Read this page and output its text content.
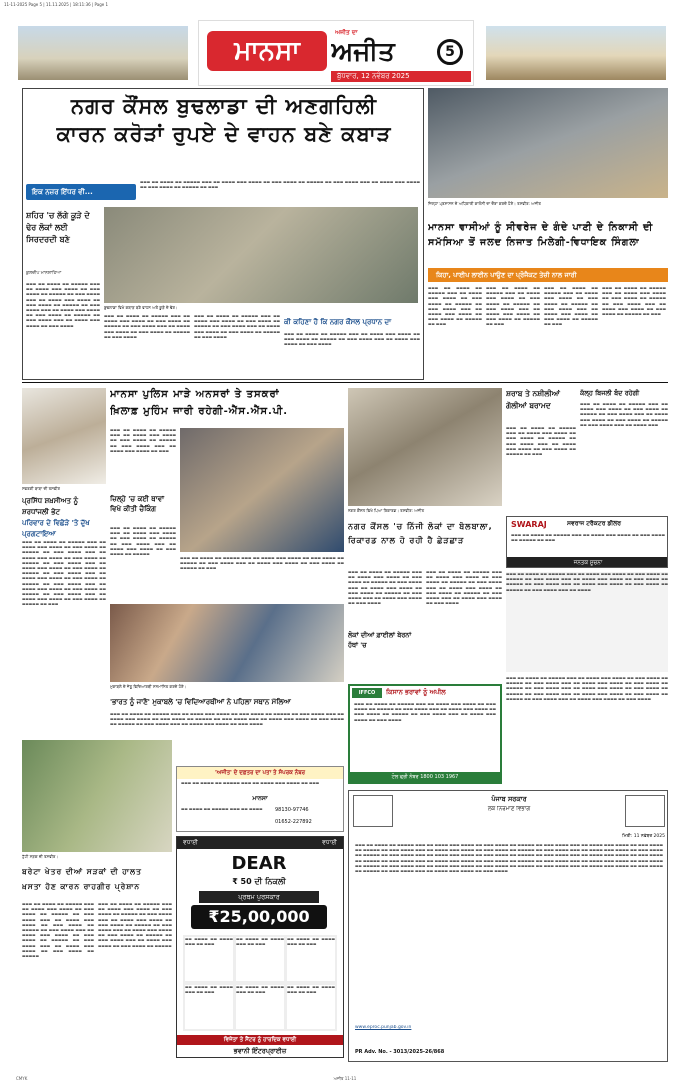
11-11-2025 Page 5 | 11.11.2025 | 18:11:36 | Page 1
ਮਾਨਸਾ
ਅਜੀਤ ਦਾ
ਅਜੀਤ
ਬੁੱਧਵਾਰ, 12 ਨਵੰਬਰ 2025
5
ਨਗਰ ਕੌਂਸਲ ਬੁਢਲਾਡਾ ਦੀ ਅਣਗਹਿਲੀ
ਕਾਰਨ ਕਰੋੜਾਂ ਰੁਪਏ ਦੇ ਵਾਹਨ ਬਣੇ ਕਬਾੜ
ਇਕ ਨਜ਼ਰ ਇੱਧਰ ਵੀ...
▬▬▬ ▬▬ ▬▬▬▬ ▬▬ ▬▬▬▬▬ ▬▬▬ ▬▬ ▬▬▬▬ ▬▬▬ ▬▬▬▬ ▬▬ ▬▬▬ ▬▬▬▬ ▬▬ ▬▬▬▬▬ ▬▬ ▬▬▬ ▬▬▬▬ ▬▬▬ ▬▬ ▬▬▬▬ ▬▬▬ ▬▬▬▬ ▬▬ ▬▬▬ ▬▬▬▬ ▬▬ ▬▬▬▬▬ ▬▬ ▬▬▬
ਸ਼ਹਿਰ 'ਚ ਲੱਗੇ ਕੂੜੇ ਦੇ ਢੇਰ ਲੋਕਾਂ ਲਈ ਸਿਰਦਰਦੀ ਬਣੇ
ਕੁਲਦੀਪ ਮਾਨਸ਼ਾਹਿਆ
▬▬▬ ▬▬ ▬▬▬▬ ▬▬ ▬▬▬▬▬ ▬▬▬ ▬▬ ▬▬▬▬ ▬▬▬ ▬▬▬▬ ▬▬ ▬▬▬ ▬▬▬▬ ▬▬ ▬▬▬▬▬ ▬▬ ▬▬▬ ▬▬▬▬ ▬▬▬ ▬▬ ▬▬▬▬ ▬▬▬ ▬▬▬▬ ▬▬ ▬▬▬ ▬▬▬▬ ▬▬ ▬▬▬▬▬ ▬▬ ▬▬▬ ▬▬▬▬ ▬▬▬ ▬▬ ▬▬▬▬ ▬▬▬ ▬▬▬▬ ▬▬ ▬▬▬ ▬▬▬▬ ▬▬ ▬▬▬▬▬ ▬▬ ▬▬▬ ▬▬▬▬ ▬▬▬ ▬▬ ▬▬▬▬ ▬▬▬ ▬▬▬▬ ▬▬ ▬▬▬ ▬▬▬▬
ਬੁਢਲਾਡਾ ਵਿਖੇ ਕਬਾੜ ਬਣੇ ਵਾਹਨ ਅਤੇ ਕੂੜੇ ਦੇ ਢੇਰ।
▬▬▬ ▬▬ ▬▬▬▬ ▬▬ ▬▬▬▬▬ ▬▬▬ ▬▬ ▬▬▬▬ ▬▬▬ ▬▬▬▬ ▬▬ ▬▬▬ ▬▬▬▬ ▬▬ ▬▬▬▬▬ ▬▬ ▬▬▬ ▬▬▬▬ ▬▬▬ ▬▬ ▬▬▬▬ ▬▬▬ ▬▬▬▬ ▬▬ ▬▬▬ ▬▬▬▬ ▬▬ ▬▬▬▬▬ ▬▬ ▬▬▬ ▬▬▬▬
▬▬▬ ▬▬ ▬▬▬▬ ▬▬ ▬▬▬▬▬ ▬▬▬ ▬▬ ▬▬▬▬ ▬▬▬ ▬▬▬▬ ▬▬ ▬▬▬ ▬▬▬▬ ▬▬ ▬▬▬▬▬ ▬▬ ▬▬▬ ▬▬▬▬ ▬▬▬ ▬▬ ▬▬▬▬ ▬▬▬ ▬▬▬▬ ▬▬ ▬▬▬ ▬▬▬▬ ▬▬ ▬▬▬▬▬ ▬▬ ▬▬▬ ▬▬▬▬
ਕੀ ਕਹਿਣਾ ਹੈ ਕਿ ਨਗਰ ਕੌਂਸਲ ਪ੍ਰਧਾਨ ਦਾ
▬▬▬ ▬▬ ▬▬▬▬ ▬▬ ▬▬▬▬▬ ▬▬▬ ▬▬ ▬▬▬▬ ▬▬▬ ▬▬▬▬ ▬▬ ▬▬▬ ▬▬▬▬ ▬▬ ▬▬▬▬▬ ▬▬ ▬▬▬ ▬▬▬▬ ▬▬▬ ▬▬ ▬▬▬▬ ▬▬▬ ▬▬▬▬ ▬▬ ▬▬▬ ▬▬▬▬
ਜ਼ਿਲ੍ਹਾ ਪ੍ਰਸ਼ਾਸਨ ਦੇ ਅਧਿਕਾਰੀ ਕਾਲੋਨੀ ਦਾ ਦੌਰਾ ਕਰਦੇ ਹੋਏ। ਤਸਵੀਰ: ਅਜੀਤ
ਮਾਨਸਾ ਵਾਸੀਆਂ ਨੂੰ ਸੀਵਰੇਜ ਦੇ ਗੰਦੇ ਪਾਣੀ ਦੇ ਨਿਕਾਸੀ ਦੀ
ਸਮੱਸਿਆ ਤੋਂ ਜਲਦ ਨਿਜਾਤ ਮਿਲੇਗੀ-ਵਿਧਾਇਕ ਸਿੰਗਲਾ
ਕਿਹਾ, ਪਾਈਪ ਲਾਈਨ ਪਾਉਣ ਦਾ ਪ੍ਰੋਜੈਕਟ ਤੇਜ਼ੀ ਨਾਲ ਜਾਰੀ
▬▬▬ ▬▬ ▬▬▬▬ ▬▬ ▬▬▬▬▬ ▬▬▬ ▬▬ ▬▬▬▬ ▬▬▬ ▬▬▬▬ ▬▬ ▬▬▬ ▬▬▬▬ ▬▬ ▬▬▬▬▬ ▬▬ ▬▬▬ ▬▬▬▬ ▬▬▬ ▬▬ ▬▬▬▬ ▬▬▬ ▬▬▬▬ ▬▬ ▬▬▬ ▬▬▬▬ ▬▬ ▬▬▬▬▬ ▬▬ ▬▬▬
▬▬▬ ▬▬ ▬▬▬▬ ▬▬ ▬▬▬▬▬ ▬▬▬ ▬▬ ▬▬▬▬ ▬▬▬ ▬▬▬▬ ▬▬ ▬▬▬ ▬▬▬▬ ▬▬ ▬▬▬▬▬ ▬▬ ▬▬▬ ▬▬▬▬ ▬▬▬ ▬▬ ▬▬▬▬ ▬▬▬ ▬▬▬▬ ▬▬ ▬▬▬ ▬▬▬▬ ▬▬ ▬▬▬▬▬ ▬▬ ▬▬▬
▬▬▬ ▬▬ ▬▬▬▬ ▬▬ ▬▬▬▬▬ ▬▬▬ ▬▬ ▬▬▬▬ ▬▬▬ ▬▬▬▬ ▬▬ ▬▬▬ ▬▬▬▬ ▬▬ ▬▬▬▬▬ ▬▬ ▬▬▬ ▬▬▬▬ ▬▬▬ ▬▬ ▬▬▬▬ ▬▬▬ ▬▬▬▬ ▬▬ ▬▬▬ ▬▬▬▬ ▬▬ ▬▬▬▬▬ ▬▬ ▬▬▬
▬▬▬ ▬▬ ▬▬▬▬ ▬▬ ▬▬▬▬▬ ▬▬▬ ▬▬ ▬▬▬▬ ▬▬▬ ▬▬▬▬ ▬▬ ▬▬▬ ▬▬▬▬ ▬▬ ▬▬▬▬▬ ▬▬ ▬▬▬ ▬▬▬▬ ▬▬▬ ▬▬ ▬▬▬▬ ▬▬▬ ▬▬▬▬ ▬▬ ▬▬▬ ▬▬▬▬ ▬▬ ▬▬▬▬▬ ▬▬ ▬▬▬
ਸਵਰਗੀ ਬਾਬਾ ਦੀ ਤਸਵੀਰ
ਪ੍ਰਸਿੱਧ ਸ਼ਖ਼ਸੀਅਤ ਨੂੰ ਸ਼ਰਧਾਂਜਲੀ ਭੇਟ
ਪਰਿਵਾਰ ਦੇ ਵਿਛੋੜੇ 'ਤੇ ਦੁੱਖ ਪ੍ਰਗਟਾਇਆ
▬▬▬ ▬▬ ▬▬▬▬ ▬▬ ▬▬▬▬▬ ▬▬▬ ▬▬ ▬▬▬▬ ▬▬▬ ▬▬▬▬ ▬▬ ▬▬▬ ▬▬▬▬ ▬▬ ▬▬▬▬▬ ▬▬ ▬▬▬ ▬▬▬▬ ▬▬▬ ▬▬ ▬▬▬▬ ▬▬▬ ▬▬▬▬ ▬▬ ▬▬▬ ▬▬▬▬ ▬▬ ▬▬▬▬▬ ▬▬ ▬▬▬ ▬▬▬▬ ▬▬▬ ▬▬ ▬▬▬▬ ▬▬▬ ▬▬▬▬ ▬▬ ▬▬▬ ▬▬▬▬ ▬▬ ▬▬▬▬▬ ▬▬ ▬▬▬ ▬▬▬▬ ▬▬▬ ▬▬ ▬▬▬▬ ▬▬▬ ▬▬▬▬ ▬▬ ▬▬▬ ▬▬▬▬ ▬▬ ▬▬▬▬▬ ▬▬ ▬▬▬ ▬▬▬▬ ▬▬▬ ▬▬ ▬▬▬▬ ▬▬▬ ▬▬▬▬ ▬▬ ▬▬▬ ▬▬▬▬ ▬▬ ▬▬▬▬▬ ▬▬ ▬▬▬ ▬▬▬▬ ▬▬▬ ▬▬ ▬▬▬▬ ▬▬▬ ▬▬▬▬ ▬▬ ▬▬▬ ▬▬▬▬ ▬▬ ▬▬▬▬▬ ▬▬ ▬▬▬
ਮਾਨਸਾ ਪੁਲਿਸ ਮਾੜੇ ਅਨਸਰਾਂ ਤੇ ਤਸਕਰਾਂ
ਖ਼ਿਲਾਫ਼ ਮੁਹਿੰਮ ਜਾਰੀ ਰਹੇਗੀ-ਐੱਸ.ਐੱਸ.ਪੀ.
▬▬▬ ▬▬ ▬▬▬▬ ▬▬ ▬▬▬▬▬ ▬▬▬ ▬▬ ▬▬▬▬ ▬▬▬ ▬▬▬▬ ▬▬ ▬▬▬ ▬▬▬▬ ▬▬ ▬▬▬▬▬ ▬▬ ▬▬▬ ▬▬▬▬ ▬▬▬ ▬▬ ▬▬▬▬ ▬▬▬ ▬▬▬▬ ▬▬ ▬▬▬
ਜ਼ਿਲ੍ਹੇ 'ਚ ਕਈ ਥਾਵਾਂ ਵਿਖੇ ਕੀਤੀ ਚੈਕਿੰਗ
▬▬▬ ▬▬ ▬▬▬▬ ▬▬ ▬▬▬▬▬ ▬▬▬ ▬▬ ▬▬▬▬ ▬▬▬ ▬▬▬▬ ▬▬ ▬▬▬ ▬▬▬▬ ▬▬ ▬▬▬▬▬ ▬▬ ▬▬▬ ▬▬▬▬ ▬▬▬ ▬▬ ▬▬▬▬ ▬▬▬ ▬▬▬▬ ▬▬ ▬▬▬ ▬▬▬▬ ▬▬ ▬▬▬▬▬
▬▬▬ ▬▬ ▬▬▬▬ ▬▬ ▬▬▬▬▬ ▬▬▬ ▬▬ ▬▬▬▬ ▬▬▬ ▬▬▬▬ ▬▬ ▬▬▬ ▬▬▬▬ ▬▬ ▬▬▬▬▬ ▬▬ ▬▬▬ ▬▬▬▬ ▬▬▬ ▬▬ ▬▬▬▬ ▬▬▬ ▬▬▬▬ ▬▬ ▬▬▬ ▬▬▬▬ ▬▬ ▬▬▬▬▬ ▬▬ ▬▬▬
ਨਗਰ ਕੌਂਸਲ ਵਿਖੇ ਪਿਆ ਰਿਕਾਰਡ। ਤਸਵੀਰ: ਅਜੀਤ
ਨਗਰ ਕੌਂਸਲ 'ਚ ਨਿੱਜੀ ਲੋਕਾਂ ਦਾ ਬੋਲਬਾਲਾ,
ਰਿਕਾਰਡ ਨਾਲ ਹੋ ਰਹੀ ਹੈ ਛੇੜਛਾੜ
▬▬▬ ▬▬ ▬▬▬▬ ▬▬ ▬▬▬▬▬ ▬▬▬ ▬▬ ▬▬▬▬ ▬▬▬ ▬▬▬▬ ▬▬ ▬▬▬ ▬▬▬▬ ▬▬ ▬▬▬▬▬ ▬▬ ▬▬▬ ▬▬▬▬ ▬▬▬ ▬▬ ▬▬▬▬ ▬▬▬ ▬▬▬▬ ▬▬ ▬▬▬ ▬▬▬▬ ▬▬ ▬▬▬▬▬ ▬▬ ▬▬▬ ▬▬▬▬ ▬▬▬ ▬▬ ▬▬▬▬ ▬▬▬ ▬▬▬▬ ▬▬ ▬▬▬ ▬▬▬▬
ਲੋਕਾਂ ਦੀਆਂ ਫ਼ਾਈਲਾਂ ਬੇਰਨਾਂ ਹੱਥਾਂ 'ਚ
▬▬▬ ▬▬ ▬▬▬▬ ▬▬ ▬▬▬▬▬ ▬▬▬ ▬▬ ▬▬▬▬ ▬▬▬ ▬▬▬▬ ▬▬ ▬▬▬ ▬▬▬▬ ▬▬ ▬▬▬▬▬ ▬▬ ▬▬▬ ▬▬▬▬ ▬▬▬ ▬▬ ▬▬▬▬ ▬▬▬ ▬▬▬▬ ▬▬ ▬▬▬ ▬▬▬▬ ▬▬ ▬▬▬▬▬ ▬▬ ▬▬▬ ▬▬▬▬ ▬▬▬ ▬▬ ▬▬▬▬ ▬▬▬ ▬▬▬▬ ▬▬ ▬▬▬ ▬▬▬▬
ਸ਼ਰਾਬ ਤੇ ਨਸ਼ੀਲੀਆਂ ਗੋਲੀਆਂ ਬਰਾਮਦ
▬▬▬ ▬▬ ▬▬▬▬ ▬▬ ▬▬▬▬▬ ▬▬▬ ▬▬ ▬▬▬▬ ▬▬▬ ▬▬▬▬ ▬▬ ▬▬▬ ▬▬▬▬ ▬▬ ▬▬▬▬▬ ▬▬ ▬▬▬ ▬▬▬▬ ▬▬▬ ▬▬ ▬▬▬▬ ▬▬▬ ▬▬▬▬ ▬▬ ▬▬▬ ▬▬▬▬ ▬▬ ▬▬▬▬▬ ▬▬ ▬▬▬
ਕੱਲ੍ਹ ਬਿਜਲੀ ਬੰਦ ਰਹੇਗੀ
▬▬▬ ▬▬ ▬▬▬▬ ▬▬ ▬▬▬▬▬ ▬▬▬ ▬▬ ▬▬▬▬ ▬▬▬ ▬▬▬▬ ▬▬ ▬▬▬ ▬▬▬▬ ▬▬ ▬▬▬▬▬ ▬▬ ▬▬▬ ▬▬▬▬ ▬▬▬ ▬▬ ▬▬▬▬ ▬▬▬ ▬▬▬▬ ▬▬ ▬▬▬ ▬▬▬▬ ▬▬ ▬▬▬▬▬ ▬▬ ▬▬▬ ▬▬▬▬ ▬▬▬ ▬▬ ▬▬▬▬ ▬▬▬
SWARAJ	ਸਵਰਾਜ ਟਰੈਕਟਰ ਡੀਲਰ
▬▬▬ ▬▬ ▬▬▬▬ ▬▬ ▬▬▬▬▬ ▬▬▬ ▬▬ ▬▬▬▬ ▬▬▬ ▬▬▬▬ ▬▬ ▬▬▬ ▬▬▬▬ ▬▬ ▬▬▬▬▬ ▬▬ ▬▬▬
ਜਨਤਕ ਸੂਚਨਾ
▬▬▬ ▬▬ ▬▬▬▬ ▬▬ ▬▬▬▬▬ ▬▬▬ ▬▬ ▬▬▬▬ ▬▬▬ ▬▬▬▬ ▬▬ ▬▬▬ ▬▬▬▬ ▬▬ ▬▬▬▬▬ ▬▬ ▬▬▬ ▬▬▬▬ ▬▬▬ ▬▬ ▬▬▬▬ ▬▬▬ ▬▬▬▬ ▬▬ ▬▬▬ ▬▬▬▬ ▬▬ ▬▬▬▬▬ ▬▬ ▬▬▬ ▬▬▬▬ ▬▬▬ ▬▬ ▬▬▬▬ ▬▬▬ ▬▬▬▬ ▬▬ ▬▬▬ ▬▬▬▬ ▬▬ ▬▬▬▬▬ ▬▬ ▬▬▬ ▬▬▬▬ ▬▬▬ ▬▬ ▬▬▬▬
▬▬▬ ▬▬ ▬▬▬▬ ▬▬ ▬▬▬▬▬ ▬▬▬ ▬▬ ▬▬▬▬ ▬▬▬ ▬▬▬▬ ▬▬ ▬▬▬ ▬▬▬▬ ▬▬ ▬▬▬▬▬ ▬▬ ▬▬▬ ▬▬▬▬ ▬▬▬ ▬▬ ▬▬▬▬ ▬▬▬ ▬▬▬▬ ▬▬ ▬▬▬ ▬▬▬▬ ▬▬ ▬▬▬▬▬ ▬▬ ▬▬▬ ▬▬▬▬ ▬▬▬ ▬▬ ▬▬▬▬ ▬▬▬ ▬▬▬▬ ▬▬ ▬▬▬ ▬▬▬▬ ▬▬ ▬▬▬▬▬ ▬▬ ▬▬▬ ▬▬▬▬ ▬▬▬ ▬▬ ▬▬▬▬ ▬▬▬ ▬▬▬▬ ▬▬ ▬▬▬ ▬▬▬▬ ▬▬ ▬▬▬▬▬ ▬▬ ▬▬▬ ▬▬▬▬ ▬▬▬ ▬▬ ▬▬▬▬ ▬▬▬ ▬▬▬▬ ▬▬ ▬▬▬ ▬▬▬▬
ਮੁਕਾਬਲੇ ਦੇ ਜੇਤੂ ਵਿਦਿਆਰਥੀ ਸਨਮਾਨਿਤ ਕਰਦੇ ਹੋਏ।
'ਭਾਰਤ ਨੂੰ ਜਾਣੋ' ਮੁਕਾਬਲੇ 'ਚ ਵਿਦਿਆਰਥੀਆਂ ਨੇ ਪਹਿਲਾ ਸਥਾਨ ਮੱਲਿਆ
▬▬▬ ▬▬ ▬▬▬▬ ▬▬ ▬▬▬▬▬ ▬▬▬ ▬▬ ▬▬▬▬ ▬▬▬ ▬▬▬▬ ▬▬ ▬▬▬ ▬▬▬▬ ▬▬ ▬▬▬▬▬ ▬▬ ▬▬▬ ▬▬▬▬ ▬▬▬ ▬▬ ▬▬▬▬ ▬▬▬ ▬▬▬▬ ▬▬ ▬▬▬ ▬▬▬▬ ▬▬ ▬▬▬▬▬ ▬▬ ▬▬▬ ▬▬▬▬ ▬▬▬ ▬▬ ▬▬▬▬ ▬▬▬ ▬▬▬▬ ▬▬ ▬▬▬ ▬▬▬▬ ▬▬ ▬▬▬▬▬ ▬▬ ▬▬▬ ▬▬▬▬ ▬▬▬ ▬▬ ▬▬▬▬ ▬▬▬ ▬▬▬▬ ▬▬ ▬▬▬ ▬▬▬▬
IFFCO	ਕਿਸਾਨ ਭਰਾਵਾਂ ਨੂੰ ਅਪੀਲ
▬▬▬ ▬▬ ▬▬▬▬ ▬▬ ▬▬▬▬▬ ▬▬▬ ▬▬ ▬▬▬▬ ▬▬▬ ▬▬▬▬ ▬▬ ▬▬▬ ▬▬▬▬ ▬▬ ▬▬▬▬▬ ▬▬ ▬▬▬ ▬▬▬▬ ▬▬▬ ▬▬ ▬▬▬▬ ▬▬▬ ▬▬▬▬ ▬▬ ▬▬▬ ▬▬▬▬ ▬▬ ▬▬▬▬▬ ▬▬ ▬▬▬ ▬▬▬▬ ▬▬▬ ▬▬ ▬▬▬▬ ▬▬▬ ▬▬▬▬ ▬▬ ▬▬▬ ▬▬▬▬
ਟੋਲ ਫ੍ਰੀ ਨੰਬਰ 1800 103 1967
ਟੁੱਟੀ ਸੜਕ ਦੀ ਤਸਵੀਰ।
ਬਰੇਟਾ ਖੇਤਰ ਦੀਆਂ ਸੜਕਾਂ ਦੀ ਹਾਲਤ
ਖ਼ਸਤਾ ਹੋਣ ਕਾਰਨ ਰਾਹਗੀਰ ਪ੍ਰੇਸ਼ਾਨ
▬▬▬ ▬▬ ▬▬▬▬ ▬▬ ▬▬▬▬▬ ▬▬▬ ▬▬ ▬▬▬▬ ▬▬▬ ▬▬▬▬ ▬▬ ▬▬▬ ▬▬▬▬ ▬▬ ▬▬▬▬▬ ▬▬ ▬▬▬ ▬▬▬▬ ▬▬▬ ▬▬ ▬▬▬▬ ▬▬▬ ▬▬▬▬ ▬▬ ▬▬▬ ▬▬▬▬ ▬▬ ▬▬▬▬▬ ▬▬ ▬▬▬ ▬▬▬▬ ▬▬▬ ▬▬ ▬▬▬▬ ▬▬▬ ▬▬▬▬ ▬▬ ▬▬▬ ▬▬▬▬ ▬▬ ▬▬▬▬▬ ▬▬ ▬▬▬ ▬▬▬▬ ▬▬▬ ▬▬ ▬▬▬▬ ▬▬▬ ▬▬▬▬ ▬▬ ▬▬▬ ▬▬▬▬ ▬▬ ▬▬▬▬▬
▬▬▬ ▬▬ ▬▬▬▬ ▬▬ ▬▬▬▬▬ ▬▬▬ ▬▬ ▬▬▬▬ ▬▬▬ ▬▬▬▬ ▬▬ ▬▬▬ ▬▬▬▬ ▬▬ ▬▬▬▬▬ ▬▬ ▬▬▬ ▬▬▬▬ ▬▬▬ ▬▬ ▬▬▬▬ ▬▬▬ ▬▬▬▬ ▬▬ ▬▬▬ ▬▬▬▬ ▬▬ ▬▬▬▬▬ ▬▬ ▬▬▬ ▬▬▬▬ ▬▬▬ ▬▬ ▬▬▬▬ ▬▬▬ ▬▬▬▬ ▬▬ ▬▬▬ ▬▬▬▬ ▬▬ ▬▬▬▬▬ ▬▬ ▬▬▬ ▬▬▬▬ ▬▬▬ ▬▬ ▬▬▬▬ ▬▬▬ ▬▬▬▬ ▬▬ ▬▬▬ ▬▬▬▬ ▬▬ ▬▬▬▬▬
'ਅਜੀਤ' ਦੇ ਦਫ਼ਤਰ ਦਾ ਪਤਾ ਤੇ ਸੰਪਰਕ ਨੰਬਰ
▬▬▬ ▬▬ ▬▬▬▬ ▬▬ ▬▬▬▬▬ ▬▬▬ ▬▬ ▬▬▬▬ ▬▬▬ ▬▬▬▬ ▬▬ ▬▬▬
ਮਾਨਸਾ
98130-97746
01652-227892
▬▬ ▬▬▬▬ ▬▬ ▬▬▬▬▬ ▬▬▬ ▬▬ ▬▬▬▬
ਵਧਾਈ	ਵਧਾਈ
DEAR
₹ 50 ਦੀ ਨਿਕਲੀ
ਪ੍ਰਥਮ ਪੁਰਸਕਾਰ
₹25,00,000
▬▬ ▬▬▬▬ ▬▬ ▬▬▬▬ ▬▬▬ ▬▬ ▬▬▬
▬▬ ▬▬▬▬ ▬▬ ▬▬▬▬ ▬▬▬ ▬▬ ▬▬▬
▬▬ ▬▬▬▬ ▬▬ ▬▬▬▬ ▬▬▬ ▬▬ ▬▬▬
▬▬ ▬▬▬▬ ▬▬ ▬▬▬▬ ▬▬▬ ▬▬ ▬▬▬
▬▬ ▬▬▬▬ ▬▬ ▬▬▬▬ ▬▬▬ ▬▬ ▬▬▬
▬▬ ▬▬▬▬ ▬▬ ▬▬▬▬ ▬▬▬ ▬▬ ▬▬▬
ਵਿਜੇਤਾ ਤੇ ਸੈਂਟਰ ਨੂੰ ਹਾਰਦਿਕ ਵਧਾਈ
ਭਵਾਨੀ ਇੰਟਰਪ੍ਰਾਈਜ਼
ਪੰਜਾਬ ਸਰਕਾਰ
ਲੋਕ ਨਿਰਮਾਣ ਵਿਭਾਗ
ਮਿਤੀ: 11 ਨਵੰਬਰ 2025
▬▬▬ ▬▬ ▬▬▬▬ ▬▬ ▬▬▬▬▬ ▬▬▬ ▬▬ ▬▬▬▬ ▬▬▬ ▬▬▬▬ ▬▬ ▬▬▬ ▬▬▬▬ ▬▬ ▬▬▬▬▬ ▬▬ ▬▬▬ ▬▬▬▬ ▬▬▬ ▬▬ ▬▬▬▬ ▬▬▬ ▬▬▬▬ ▬▬ ▬▬▬ ▬▬▬▬ ▬▬ ▬▬▬▬▬ ▬▬ ▬▬▬ ▬▬▬▬ ▬▬▬ ▬▬ ▬▬▬▬ ▬▬▬ ▬▬▬▬ ▬▬ ▬▬▬ ▬▬▬▬ ▬▬ ▬▬▬▬▬ ▬▬ ▬▬▬ ▬▬▬▬ ▬▬▬ ▬▬ ▬▬▬▬ ▬▬▬ ▬▬▬▬ ▬▬ ▬▬▬ ▬▬▬▬ ▬▬ ▬▬▬▬▬ ▬▬ ▬▬▬ ▬▬▬▬ ▬▬▬ ▬▬ ▬▬▬▬ ▬▬▬ ▬▬▬▬ ▬▬ ▬▬▬ ▬▬▬▬ ▬▬ ▬▬▬▬▬ ▬▬ ▬▬▬ ▬▬▬▬ ▬▬▬ ▬▬ ▬▬▬▬ ▬▬▬ ▬▬▬▬ ▬▬ ▬▬▬ ▬▬▬▬ ▬▬ ▬▬▬▬▬ ▬▬ ▬▬▬ ▬▬▬▬ ▬▬▬ ▬▬ ▬▬▬▬ ▬▬▬ ▬▬▬▬ ▬▬ ▬▬▬ ▬▬▬▬ ▬▬ ▬▬▬▬▬ ▬▬ ▬▬▬ ▬▬▬▬ ▬▬▬ ▬▬ ▬▬▬▬ ▬▬▬ ▬▬▬▬ ▬▬ ▬▬▬ ▬▬▬▬ ▬▬ ▬▬▬▬▬ ▬▬ ▬▬▬ ▬▬▬▬ ▬▬▬ ▬▬ ▬▬▬▬ ▬▬▬ ▬▬▬▬ ▬▬ ▬▬▬ ▬▬▬▬ ▬▬ ▬▬▬▬▬ ▬▬ ▬▬▬ ▬▬▬▬ ▬▬▬ ▬▬ ▬▬▬▬ ▬▬▬ ▬▬▬▬ ▬▬ ▬▬▬ ▬▬▬▬ ▬▬ ▬▬▬▬▬ ▬▬ ▬▬▬ ▬▬▬▬ ▬▬▬ ▬▬ ▬▬▬▬ ▬▬▬ ▬▬▬▬ ▬▬ ▬▬▬ ▬▬▬▬
www.eproc.punjab.gov.in
PR Adv. No. - 3013/2025-26/868
CMYK	ਅਜੀਤ 11-11
